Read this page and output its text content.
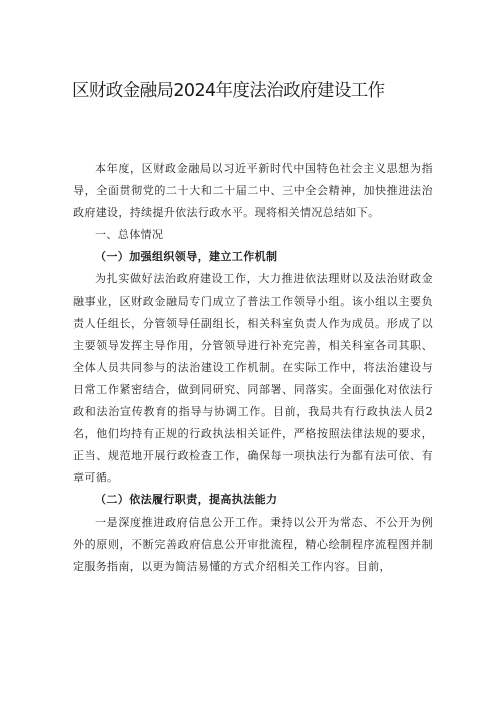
区财政金融局2024年度法治政府建设工作

本年度，区财政金融局以习近平新时代中国特色社会主义思想为指导，全面贯彻党的二十大和二十届二中、三中全会精神，加快推进法治政府建设，持续提升依法行政水平。现将相关情况总结如下。

一、总体情况

（一）加强组织领导，建立工作机制

为扎实做好法治政府建设工作，大力推进依法理财以及法治财政金融事业，区财政金融局专门成立了普法工作领导小组。该小组以主要负责人任组长，分管领导任副组长，相关科室负责人作为成员。形成了以主要领导发挥主导作用，分管领导进行补充完善，相关科室各司其职、全体人员共同参与的法治建设工作机制。在实际工作中，将法治建设与日常工作紧密结合，做到同研究、同部署、同落实。全面强化对依法行政和法治宣传教育的指导与协调工作。目前，我局共有行政执法人员2名，他们均持有正规的行政执法相关证件，严格按照法律法规的要求，正当、规范地开展行政检查工作，确保每一项执法行为都有法可依、有章可循。

（二）依法履行职责，提高执法能力

一是深度推进政府信息公开工作。秉持以公开为常态、不公开为例外的原则，不断完善政府信息公开审批流程，精心绘制程序流程图并制定服务指南，以更为简洁易懂的方式介绍相关工作内容。目前，
